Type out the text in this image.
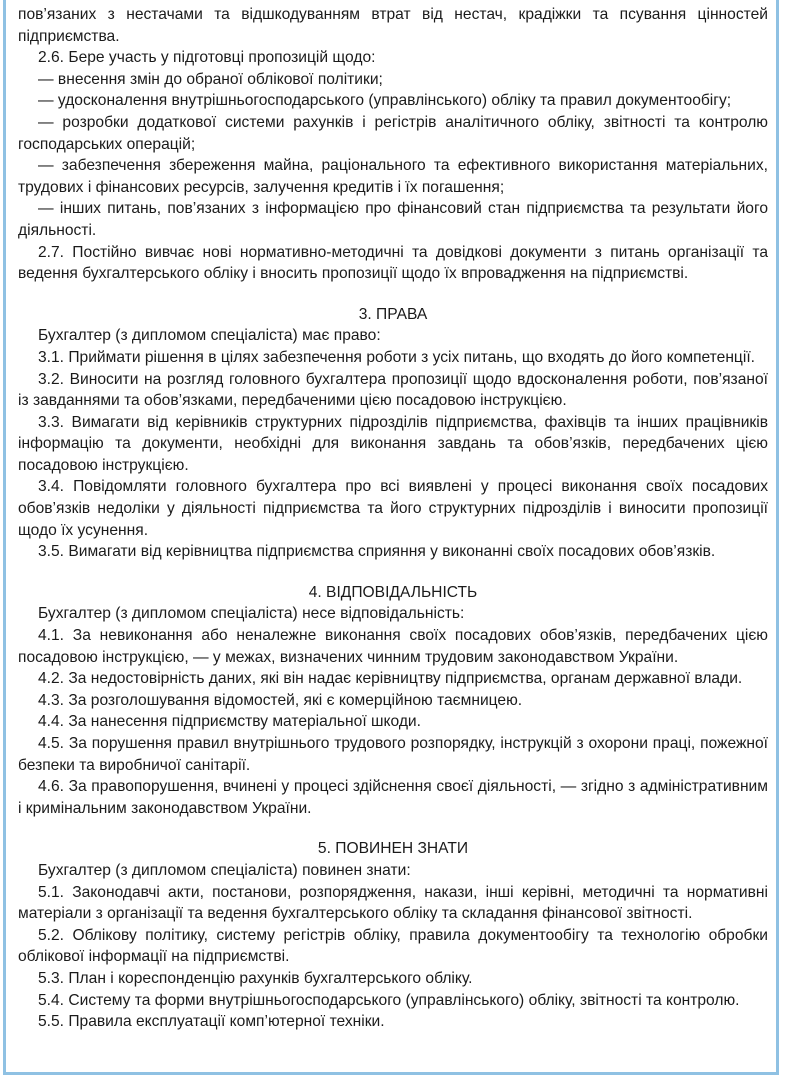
пов’язаних з нестачами та відшкодуванням втрат від нестач, крадіжки та псування цінностей підприємства.

2.6. Бере участь у підготовці пропозицій щодо:

— внесення змін до обраної облікової політики;

— удосконалення внутрішньогосподарського (управлінського) обліку та правил документообігу;

— розробки додаткової системи рахунків і регістрів аналітичного обліку, звітності та контролю господарських операцій;

— забезпечення збереження майна, раціонального та ефективного використання матеріальних, трудових і фінансових ресурсів, залучення кредитів і їх погашення;

— інших питань, пов’язаних з інформацією про фінансовий стан підприємства та результати його діяльності.

2.7. Постійно вивчає нові нормативно-методичні та довідкові документи з питань організації та ведення бухгалтерського обліку і вносить пропозиції щодо їх впровадження на підприємстві.

3. ПРАВА

Бухгалтер (з дипломом спеціаліста) має право:

3.1. Приймати рішення в цілях забезпечення роботи з усіх питань, що входять до його компетенції.

3.2. Виносити на розгляд головного бухгалтера пропозиції щодо вдосконалення роботи, пов’язаної із завданнями та обов’язками, передбаченими цією посадовою інструкцією.

3.3. Вимагати від керівників структурних підрозділів підприємства, фахівців та інших працівників інформацію та документи, необхідні для виконання завдань та обов’язків, передбачених цією посадовою інструкцією.

3.4. Повідомляти головного бухгалтера про всі виявлені у процесі виконання своїх посадових обов’язків недоліки у діяльності підприємства та його структурних підрозділів і виносити пропозиції щодо їх усунення.

3.5. Вимагати від керівництва підприємства сприяння у виконанні своїх посадових обов’язків.

4. ВІДПОВІДАЛЬНІСТЬ

Бухгалтер (з дипломом спеціаліста) несе відповідальність:

4.1. За невиконання або неналежне виконання своїх посадових обов’язків, передбачених цією посадовою інструкцією, — у межах, визначених чинним трудовим законодавством України.

4.2. За недостовірність даних, які він надає керівництву підприємства, органам державної влади.

4.3. За розголошування відомостей, які є комерційною таємницею.

4.4. За нанесення підприємству матеріальної шкоди.

4.5. За порушення правил внутрішнього трудового розпорядку, інструкцій з охорони праці, пожежної безпеки та виробничої санітарії.

4.6. За правопорушення, вчинені у процесі здійснення своєї діяльності, — згідно з адміністративним і кримінальним законодавством України.

5. ПОВИНЕН ЗНАТИ

Бухгалтер (з дипломом спеціаліста) повинен знати:

5.1. Законодавчі акти, постанови, розпорядження, накази, інші керівні, методичні та нормативні матеріали з організації та ведення бухгалтерського обліку та складання фінансової звітності.

5.2. Облікову політику, систему регістрів обліку, правила документообігу та технологію обробки облікової інформації на підприємстві.

5.3. План і кореспонденцію рахунків бухгалтерського обліку.

5.4. Систему та форми внутрішньогосподарського (управлінського) обліку, звітності та контролю.

5.5. Правила експлуатації комп’ютерної техніки.
